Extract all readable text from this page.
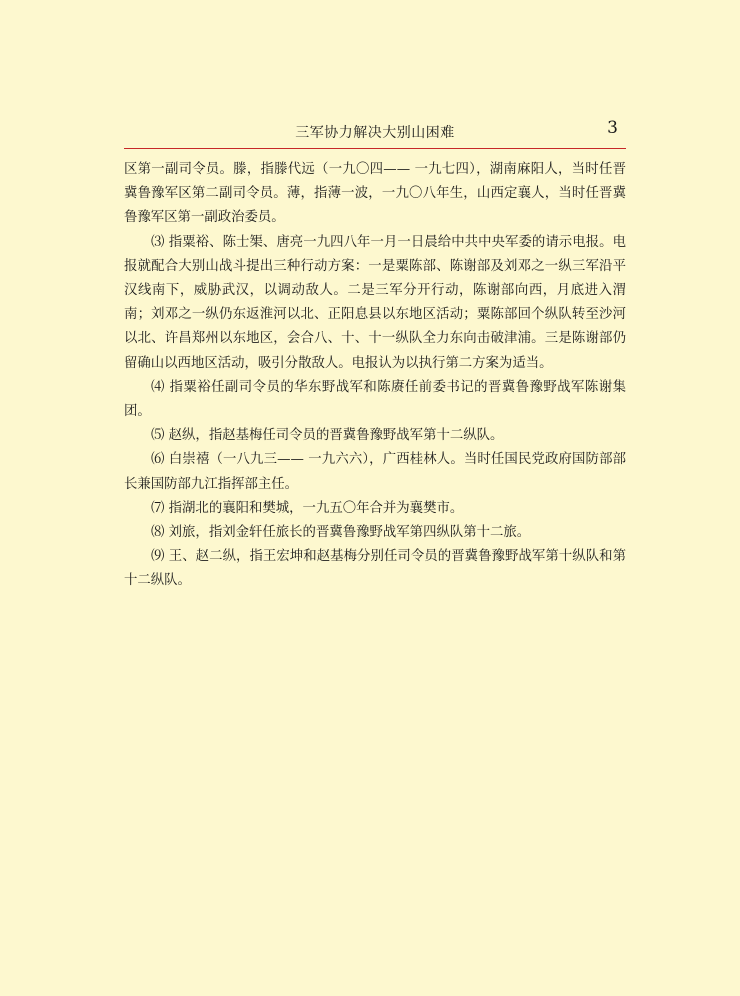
三军协力解决大别山困难	3

区第一副司令员。滕，指滕代远（一九〇四—— 一九七四），湖南麻阳人，当时任晋冀鲁豫军区第二副司令员。薄，指薄一波，一九〇八年生，山西定襄人，当时任晋冀鲁豫军区第一副政治委员。

⑶ 指粟裕、陈士榘、唐亮一九四八年一月一日晨给中共中央军委的请示电报。电报就配合大别山战斗提出三种行动方案：一是粟陈部、陈谢部及刘邓之一纵三军沿平汉线南下，威胁武汉，以调动敌人。二是三军分开行动，陈谢部向西，月底进入渭南；刘邓之一纵仍东返淮河以北、正阳息县以东地区活动；粟陈部回个纵队转至沙河以北、许昌郑州以东地区，会合八、十、十一纵队全力东向击破津浦。三是陈谢部仍留确山以西地区活动，吸引分散敌人。电报认为以执行第二方案为适当。

⑷ 指粟裕任副司令员的华东野战军和陈赓任前委书记的晋冀鲁豫野战军陈谢集团。

⑸ 赵纵，指赵基梅任司令员的晋冀鲁豫野战军第十二纵队。

⑹ 白崇禧（一八九三—— 一九六六），广西桂林人。当时任国民党政府国防部部长兼国防部九江指挥部主任。

⑺ 指湖北的襄阳和樊城，一九五〇年合并为襄樊市。

⑻ 刘旅，指刘金轩任旅长的晋冀鲁豫野战军第四纵队第十二旅。

⑼ 王、赵二纵，指王宏坤和赵基梅分别任司令员的晋冀鲁豫野战军第十纵队和第十二纵队。
